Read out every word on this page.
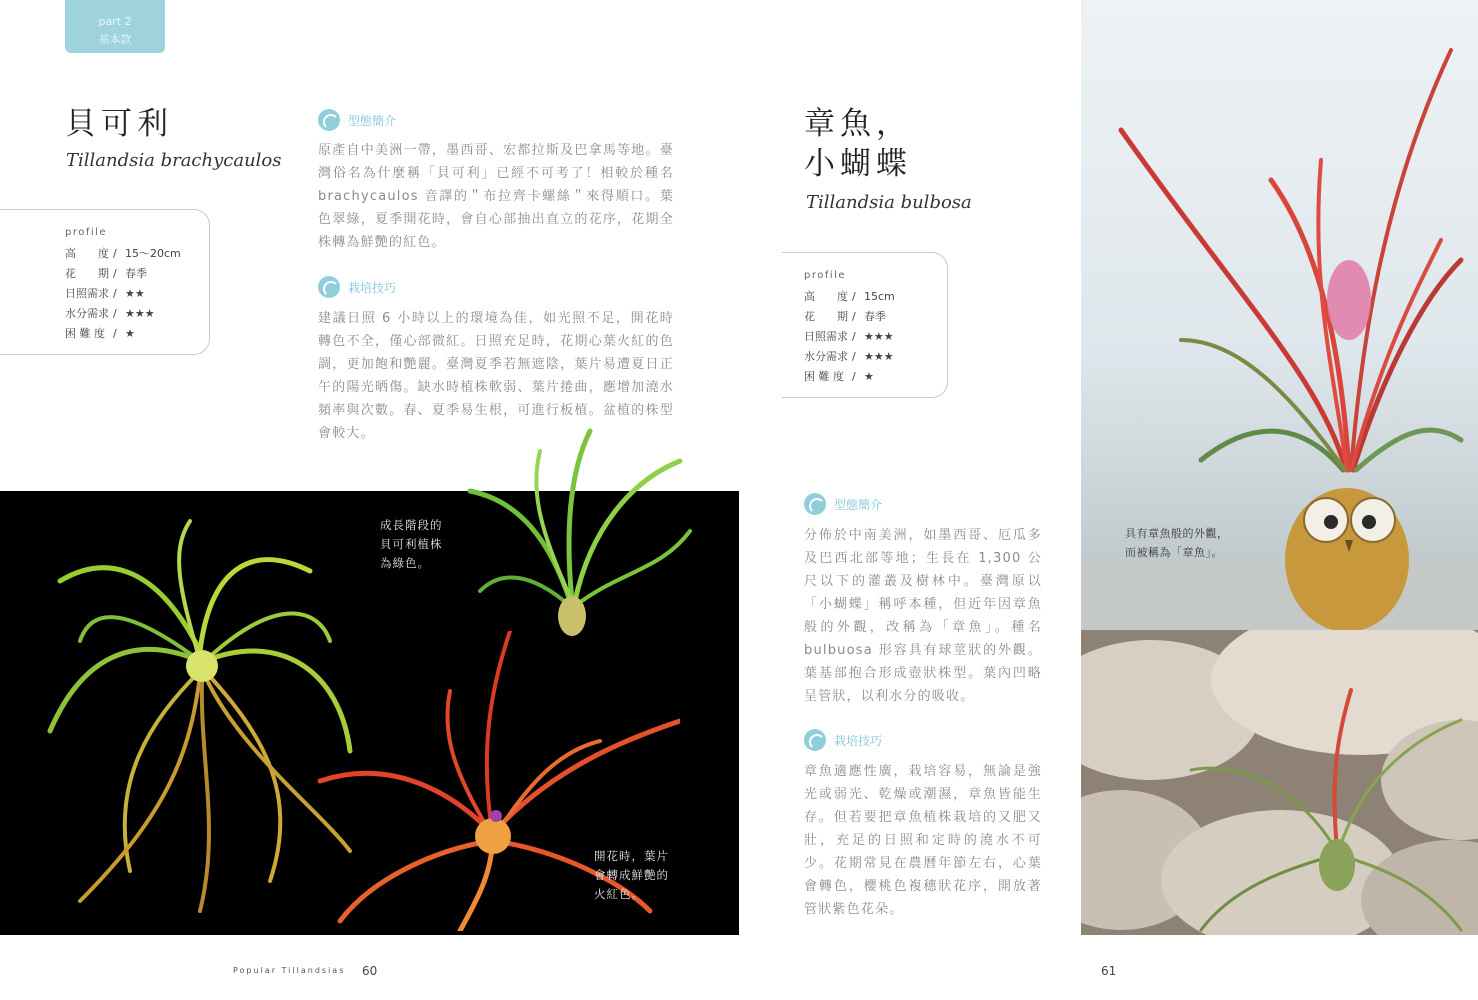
part 2
基本款
貝可利
Tillandsia brachycaulos
profile
高　　度 / 15～20cm
花　　期 / 春季
日照需求 / ★★
水分需求 / ★★★
困 難 度 / ★
型態簡介
原產自中美洲一帶，墨西哥、宏都拉斯及巴拿馬等地。臺灣俗名為什麼稱「貝可利」已經不可考了！相較於種名 brachycaulos 音譯的＂布拉齊卡螺絲＂來得順口。葉色翠綠，夏季開花時，會自心部抽出直立的花序，花期全株轉為鮮艷的紅色。
栽培技巧
建議日照 6 小時以上的環境為佳，如光照不足，開花時轉色不全，僅心部微紅。日照充足時，花期心葉火紅的色調，更加飽和艷麗。臺灣夏季若無遮陰，葉片易遭夏日正午的陽光晒傷。缺水時植株軟弱、葉片捲曲，應增加澆水頻率與次數。春、夏季易生根，可進行板植。盆植的株型會較大。
成長階段的
貝可利植株
為綠色。
開花時，葉片
會轉成鮮艷的
火紅色。
章魚，
小蝴蝶
Tillandsia bulbosa
profile
高　　度 / 15cm
花　　期 / 春季
日照需求 / ★★★
水分需求 / ★★★
困 難 度 / ★
型態簡介
分佈於中南美洲，如墨西哥、厄瓜多及巴西北部等地；生長在 1,300 公尺以下的灌叢及樹林中。臺灣原以「小蝴蝶」稱呼本種，但近年因章魚般的外觀，改稱為「章魚」。種名 bulbuosa 形容具有球莖狀的外觀。葉基部抱合形成壺狀株型。葉內凹略呈管狀，以利水分的吸收。
栽培技巧
章魚適應性廣，栽培容易，無論是強光或弱光、乾燥或潮濕，章魚皆能生存。但若要把章魚植株栽培的又肥又壯，充足的日照和定時的澆水不可少。花期常見在農曆年節左右，心葉會轉色，櫻桃色複穗狀花序，開放著管狀紫色花朵。
具有章魚般的外觀，
而被稱為「章魚」。
Popular Tillandsias 60	61
